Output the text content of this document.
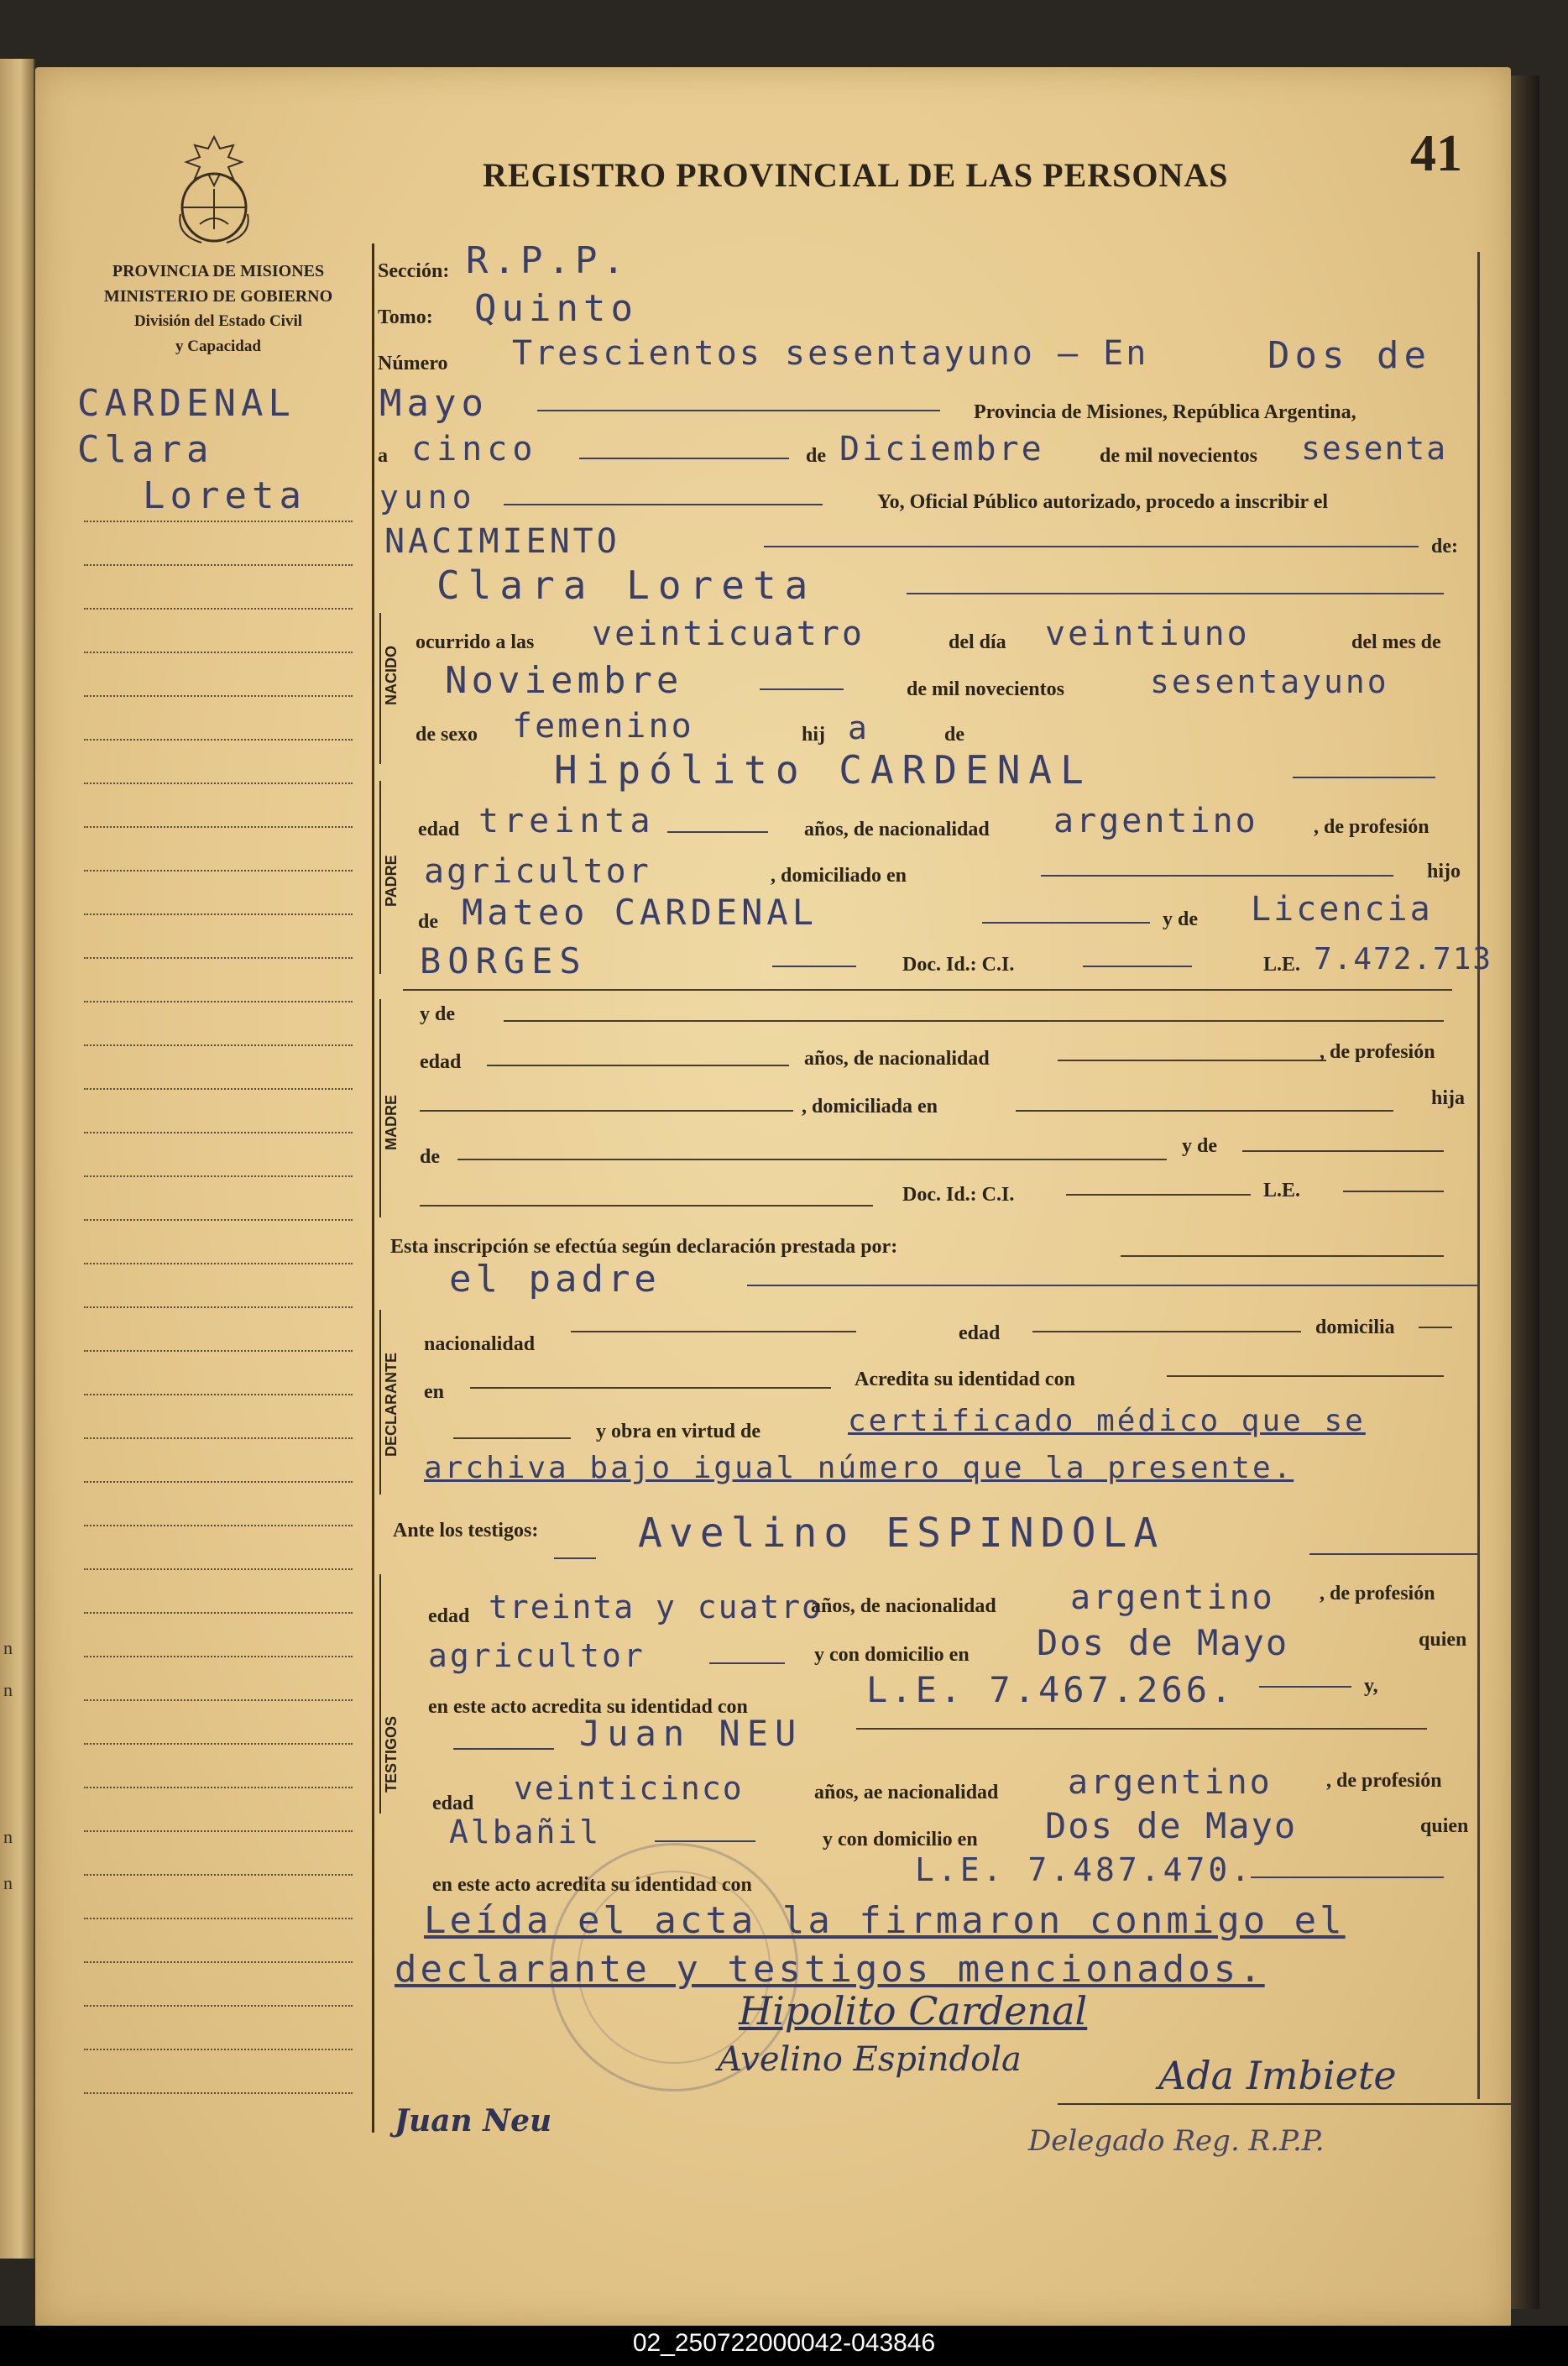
n
n
n
n
REGISTRO PROVINCIAL DE LAS PERSONAS	41
PROVINCIA DE MISIONES
MINISTERIO DE GOBIERNO
División del Estado Civil
y Capacidad
CARDENAL
Clara
Loreta
Sección: R.P.P.
Tomo: Quinto
Número Trescientos sesentayuno – En	Dos de
Mayo	Provincia de Misiones, República Argentina,
a cinco	de Diciembre	de mil novecientos sesenta
yuno	Yo, Oficial Público autorizado, procedo a inscribir el
NACIMIENTO	de:
Clara Loreta
NACIDO
ocurrido a las veinticuatro	del día veintiuno	del mes de
Noviembre	de mil novecientos	sesentayuno
de sexo femenino	hij a	de
PADRE
Hipólito CARDENAL
edad treinta	años, de nacionalidad argentino	, de profesión
agricultor	, domiciliado en	hijo
de Mateo CARDENAL	y de Licencia
BORGES	Doc. Id.: C.I.	L.E. 7.472.713
MADRE
y de
edad	años, de nacionalidad	, de profesión
, domiciliada en	hija
de	y de
Doc. Id.: C.I.	L.E.
Esta inscripción se efectúa según declaración prestada por:
el padre
DECLARANTE
nacionalidad	edad	domicilia
en
Acredita su identidad con
y obra en virtud de	certificado médico que se
archiva bajo igual número que la presente.
Ante los testigos: Avelino ESPINDOLA
TESTIGOS
edad treinta y cuatro
años, de nacionalidad argentino , de profesión
agricultor	y con domicilio en Dos de Mayo	quien
en este acto acredita su identidad con	L.E. 7.467.266.	y,
Juan NEU
edad veinticinco	años, ae nacionalidad argentino	, de profesión
Albañil	y con domicilio en Dos de Mayo	quien
en este acto acredita su identidad con	L.E. 7.487.470.
Leída el acta la firmaron conmigo el
declarante y testigos mencionados.
Hipolito Cardenal
Avelino Espindola	Ada Imbiete
Juan Neu
Delegado Reg. R.P.P.
02_250722000042-043846
